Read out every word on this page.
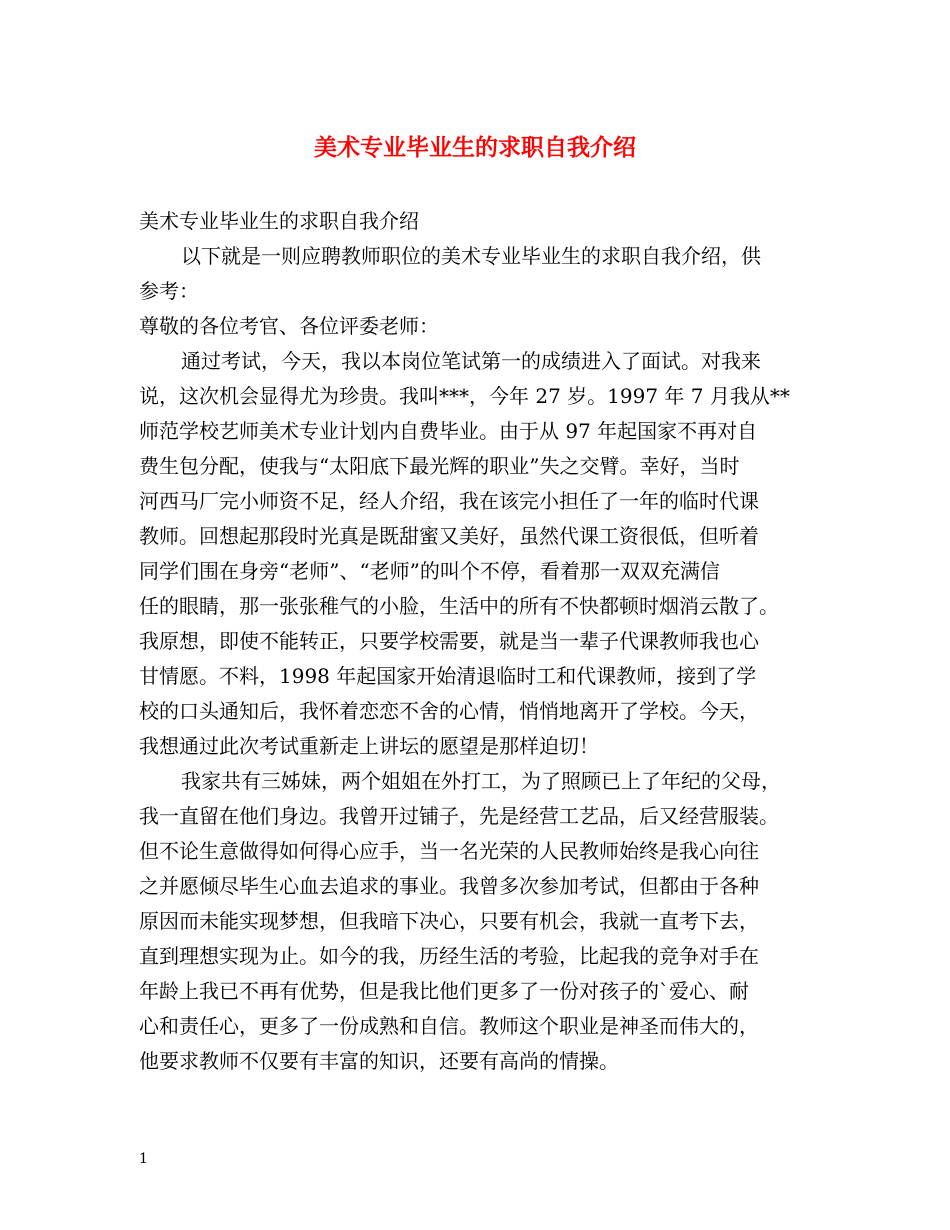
美术专业毕业生的求职自我介绍
美术专业毕业生的求职自我介绍
以下就是一则应聘教师职位的美术专业毕业生的求职自我介绍，供
参考：
尊敬的各位考官、各位评委老师：
通过考试，今天，我以本岗位笔试第一的成绩进入了面试。对我来
说，这次机会显得尤为珍贵。我叫***，今年 27 岁。1997 年 7 月我从**
师范学校艺师美术专业计划内自费毕业。由于从 97 年起国家不再对自
费生包分配，使我与“太阳底下最光辉的职业”失之交臂。幸好，当时
河西马厂完小师资不足，经人介绍，我在该完小担任了一年的临时代课
教师。回想起那段时光真是既甜蜜又美好，虽然代课工资很低，但听着
同学们围在身旁“老师”、“老师”的叫个不停，看着那一双双充满信
任的眼睛，那一张张稚气的小脸，生活中的所有不快都顿时烟消云散了。
我原想，即使不能转正，只要学校需要，就是当一辈子代课教师我也心
甘情愿。不料，1998 年起国家开始清退临时工和代课教师，接到了学
校的口头通知后，我怀着恋恋不舍的心情，悄悄地离开了学校。今天，
我想通过此次考试重新走上讲坛的愿望是那样迫切！
我家共有三姊妹，两个姐姐在外打工，为了照顾已上了年纪的父母，
我一直留在他们身边。我曾开过铺子，先是经营工艺品，后又经营服装。
但不论生意做得如何得心应手，当一名光荣的人民教师始终是我心向往
之并愿倾尽毕生心血去追求的事业。我曾多次参加考试，但都由于各种
原因而未能实现梦想，但我暗下决心，只要有机会，我就一直考下去，
直到理想实现为止。如今的我，历经生活的考验，比起我的竞争对手在
年龄上我已不再有优势，但是我比他们更多了一份对孩子的`爱心、耐
心和责任心，更多了一份成熟和自信。教师这个职业是神圣而伟大的，
他要求教师不仅要有丰富的知识，还要有高尚的情操。
1
